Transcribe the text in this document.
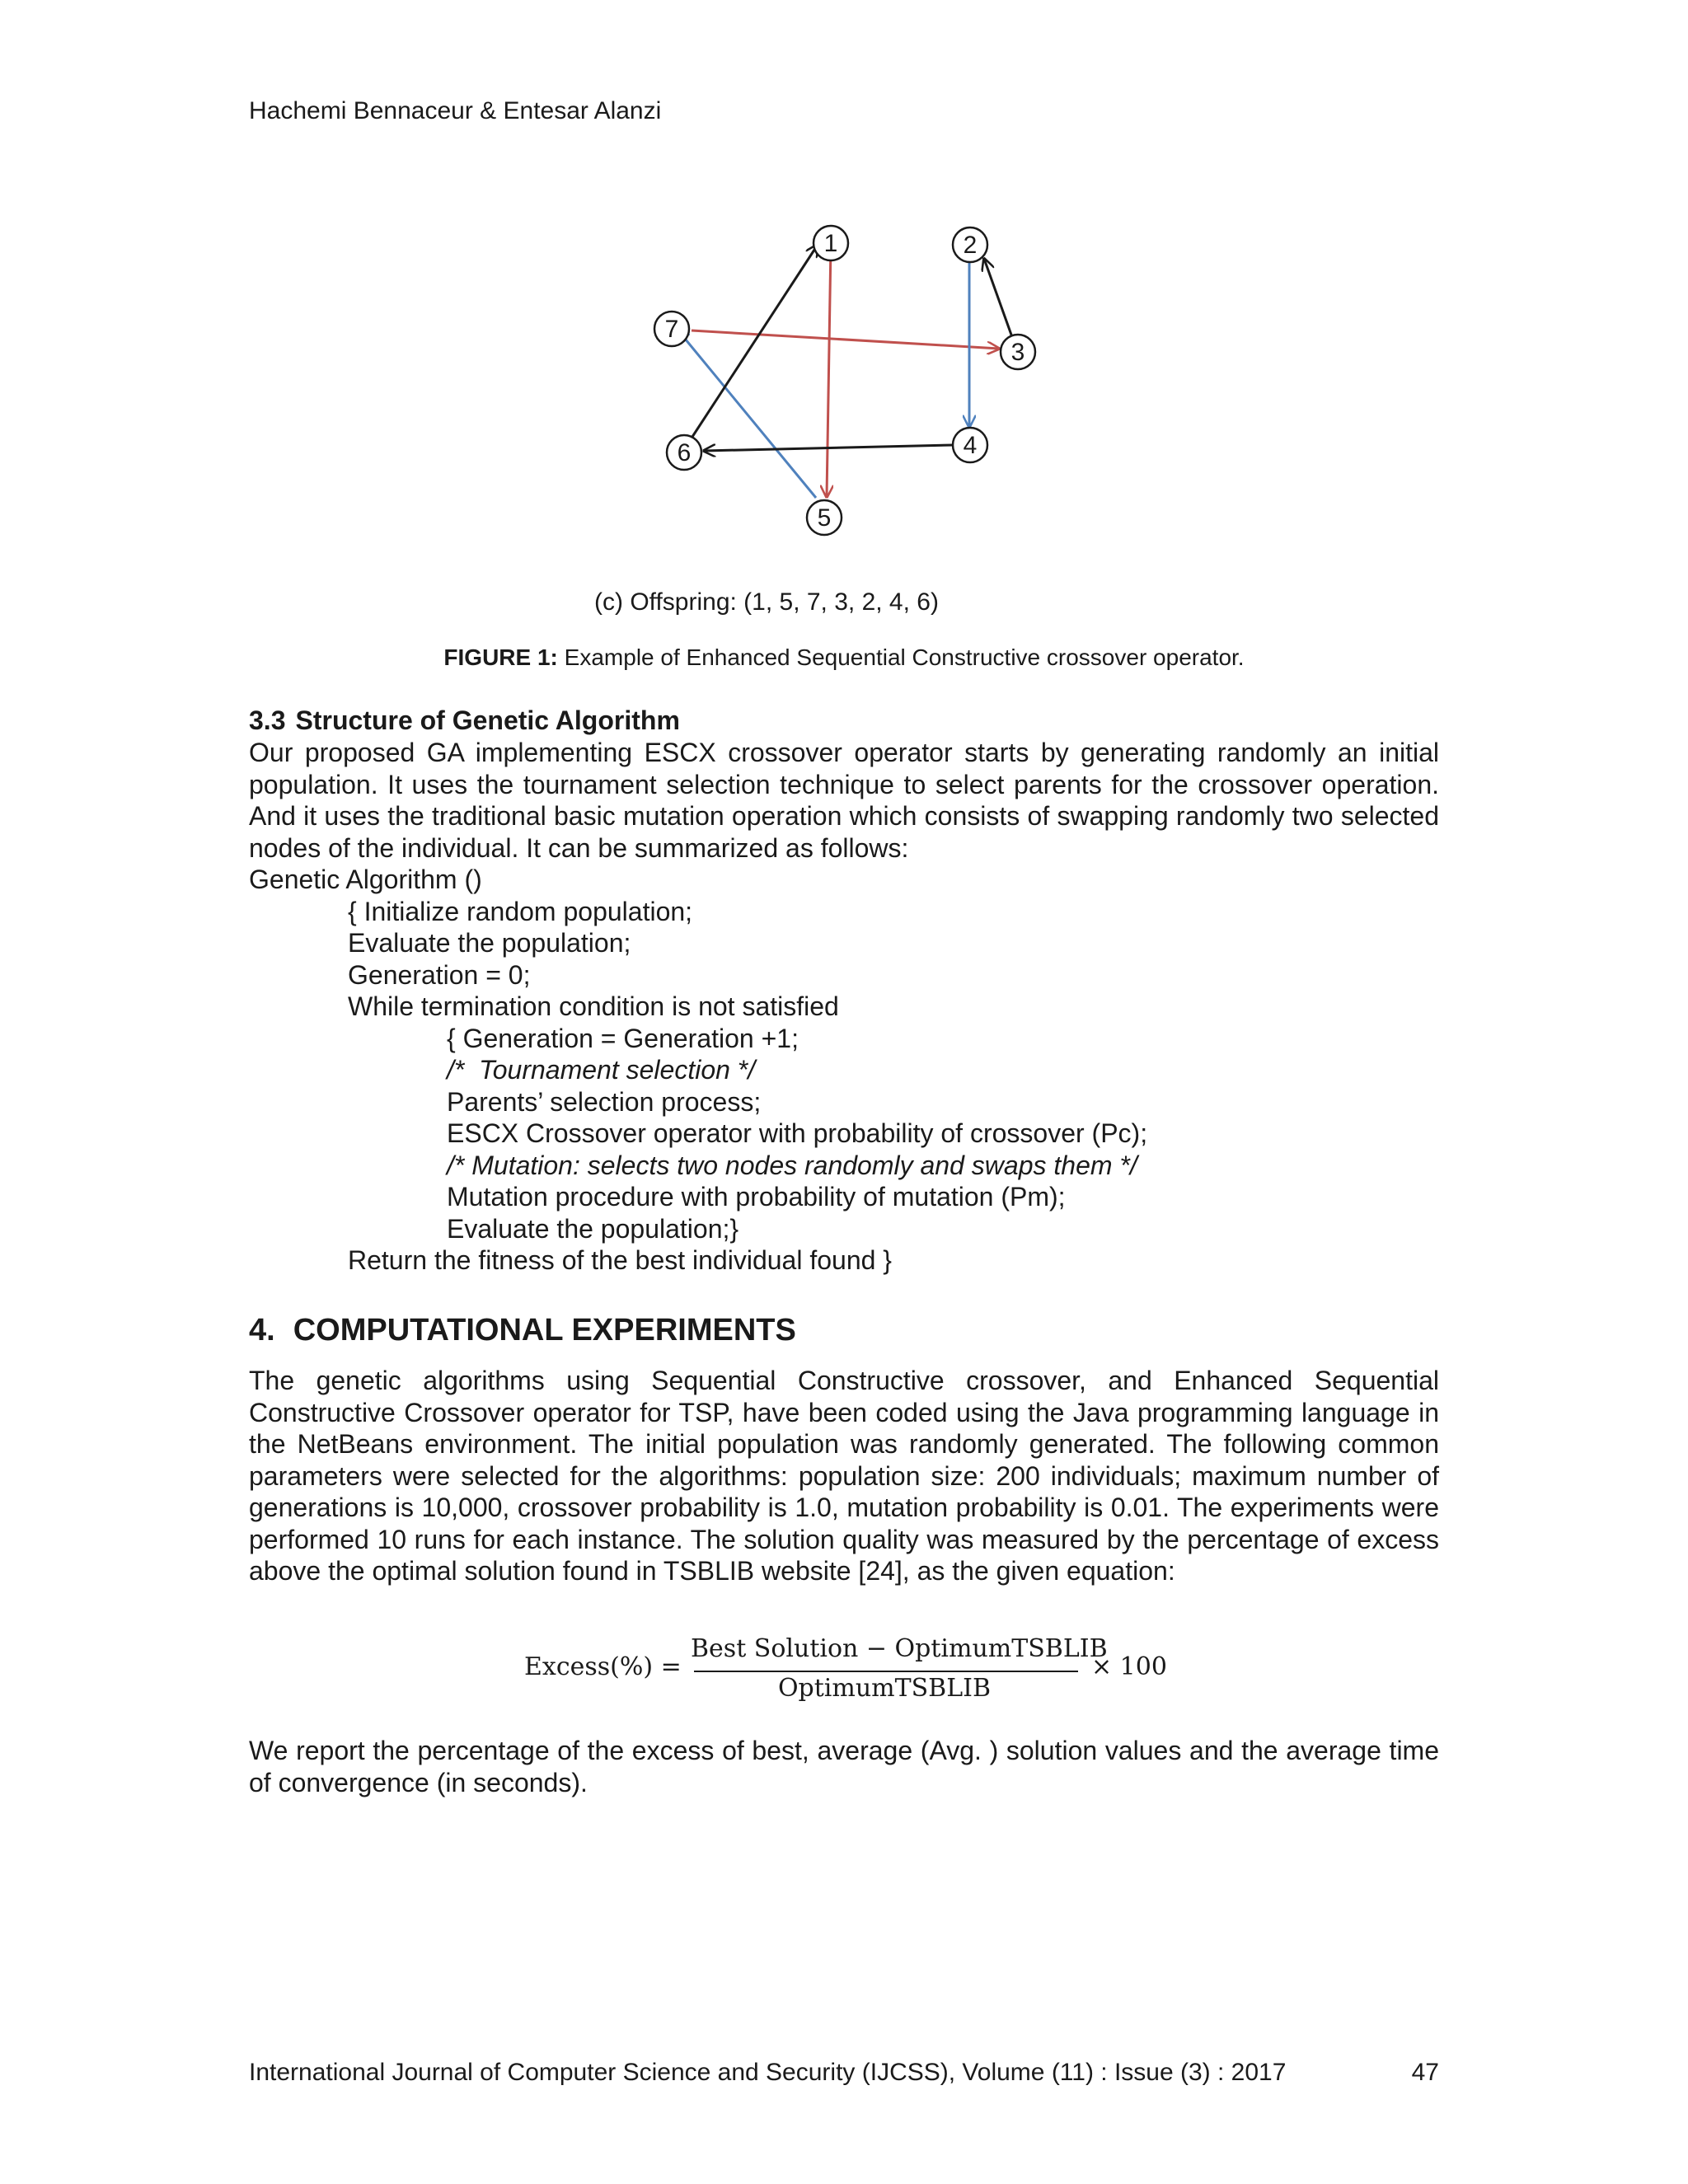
Hachemi Bennaceur & Entesar Alanzi
1	2
3
4
5
6
7
(c) Offspring: (1, 5, 7, 3, 2, 4, 6)
FIGURE 1: Example of Enhanced Sequential Constructive crossover operator.
3.3 Structure of Genetic Algorithm
Our proposed GA implementing ESCX crossover operator starts by generating randomly an initial population. It uses the tournament selection technique to select parents for the crossover operation. And it uses the traditional basic mutation operation which consists of swapping randomly two selected nodes of the individual. It can be summarized as follows:
Genetic Algorithm ()
{ Initialize random population;
Evaluate the population;
Generation = 0;
While termination condition is not satisfied
{ Generation = Generation +1;
/*  Tournament selection */
Parents’ selection process;
ESCX Crossover operator with probability of crossover (Pc);
/* Mutation: selects two nodes randomly and swaps them */
Mutation procedure with probability of mutation (Pm);
Evaluate the population;}
Return the fitness of the best individual found }
4. COMPUTATIONAL EXPERIMENTS
The genetic algorithms using Sequential Constructive crossover, and Enhanced Sequential Constructive Crossover operator for TSP, have been coded using the Java programming language in the NetBeans environment. The initial population was randomly generated. The following common parameters were selected for the algorithms: population size: 200 individuals; maximum number of generations is 10,000, crossover probability is 1.0, mutation probability is 0.01. The experiments were performed 10 runs for each instance. The solution quality was measured by the percentage of excess above the optimal solution found in TSBLIB website [24], as the given equation:
Excess(%) =
Best Solution − OptimumTSBLIB
OptimumTSBLIB
× 100
We report the percentage of the excess of best, average (Avg. ) solution values and the average time of convergence (in seconds).
International Journal of Computer Science and Security (IJCSS), Volume (11) : Issue (3) : 2017	47
